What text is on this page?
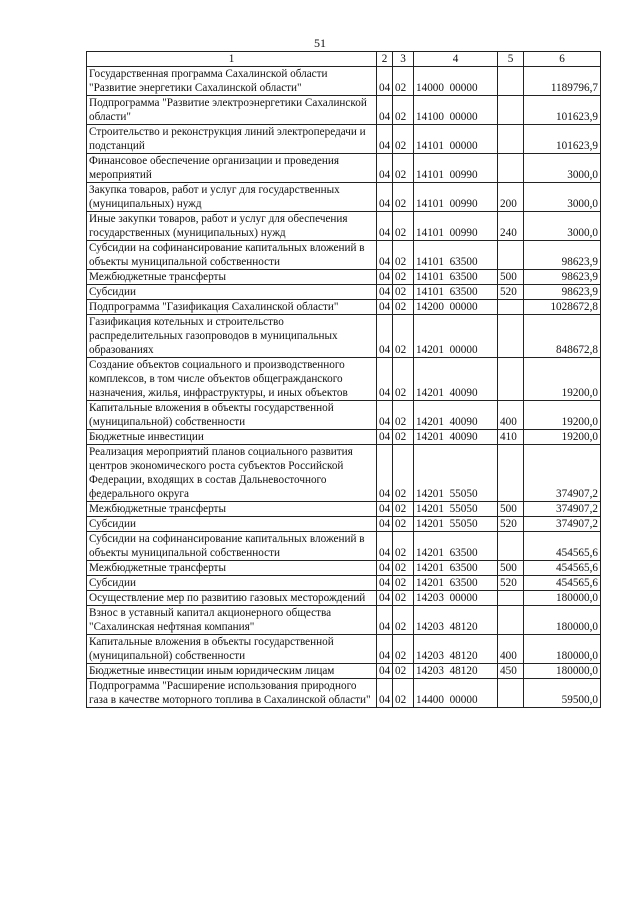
51
1	2	3	4	5	6
Государственная программа Сахалинской области "Развитие энергетики Сахалинской области"	04	02	14000  00000		1189796,7
Подпрограмма "Развитие электроэнергетики Сахалинской области"	04	02	14100  00000		101623,9
Строительство и реконструкция линий электропередачи и подстанций	04	02	14101  00000		101623,9
Финансовое обеспечение организации и проведения мероприятий	04	02	14101  00990		3000,0
Закупка товаров, работ и услуг для государственных (муниципальных) нужд	04	02	14101  00990	200	3000,0
Иные закупки товаров, работ и услуг для обеспечения государственных (муниципальных) нужд	04	02	14101  00990	240	3000,0
Субсидии на софинансирование капитальных вложений в объекты муниципальной собственности	04	02	14101  63500		98623,9
Межбюджетные трансферты	04	02	14101  63500	500	98623,9
Субсидии	04	02	14101  63500	520	98623,9
Подпрограмма "Газификация Сахалинской области"	04	02	14200  00000		1028672,8
Газификация котельных и строительство распределительных газопроводов в муниципальных образованиях	04	02	14201  00000		848672,8
Создание объектов социального и производственного комплексов, в том числе объектов общегражданского назначения, жилья, инфраструктуры, и иных объектов	04	02	14201  40090		19200,0
Капитальные вложения в объекты государственной (муниципальной) собственности	04	02	14201  40090	400	19200,0
Бюджетные инвестиции	04	02	14201  40090	410	19200,0
Реализация мероприятий планов социального развития центров экономического роста субъектов Российской Федерации, входящих в состав Дальневосточного федерального округа	04	02	14201  55050		374907,2
Межбюджетные трансферты	04	02	14201  55050	500	374907,2
Субсидии	04	02	14201  55050	520	374907,2
Субсидии на софинансирование капитальных вложений в объекты муниципальной собственности	04	02	14201  63500		454565,6
Межбюджетные трансферты	04	02	14201  63500	500	454565,6
Субсидии	04	02	14201  63500	520	454565,6
Осуществление мер по развитию газовых месторождений	04	02	14203  00000		180000,0
Взнос в уставный капитал акционерного общества "Сахалинская нефтяная компания"	04	02	14203  48120		180000,0
Капитальные вложения в объекты государственной (муниципальной) собственности	04	02	14203  48120	400	180000,0
Бюджетные инвестиции иным юридическим лицам	04	02	14203  48120	450	180000,0
Подпрограмма "Расширение использования природного газа в качестве моторного топлива в Сахалинской области"	04	02	14400  00000		59500,0
